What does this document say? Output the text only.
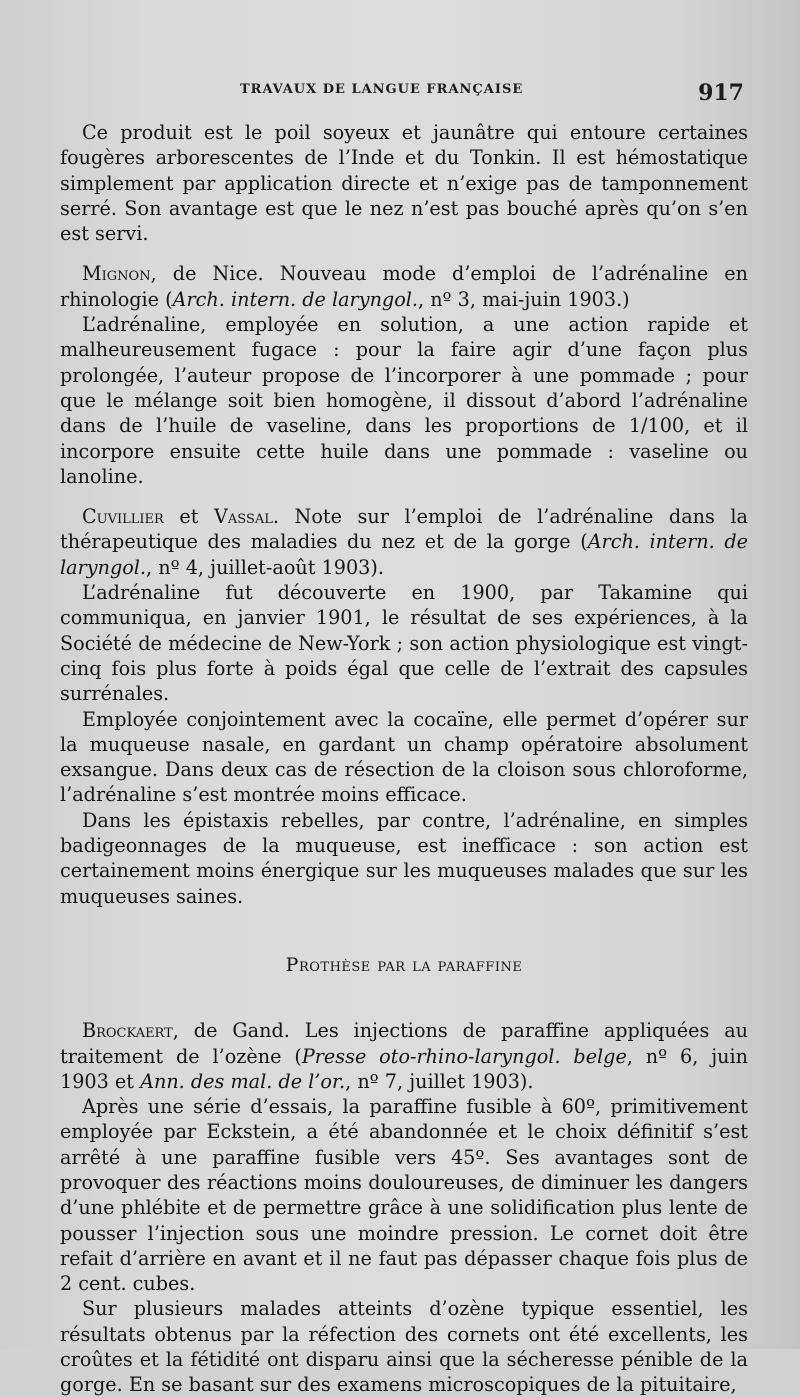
TRAVAUX DE LANGUE FRANÇAISE	917

Ce produit est le poil soyeux et jaunâtre qui entoure certaines fougères arborescentes de l’Inde et du Tonkin. Il est hémostatique simplement par application directe et n’exige pas de tamponnement serré. Son avantage est que le nez n’est pas bouché après qu’on s’en est servi.

Mignon, de Nice. Nouveau mode d’emploi de l’adrénaline en rhinologie (Arch. intern. de laryngol., nº 3, mai-juin 1903.)

L’adrénaline, employée en solution, a une action rapide et malheureusement fugace : pour la faire agir d’une façon plus prolongée, l’auteur propose de l’incorporer à une pommade ; pour que le mélange soit bien homogène, il dissout d’abord l’adrénaline dans de l’huile de vaseline, dans les proportions de 1/100, et il incorpore ensuite cette huile dans une pommade : vaseline ou lanoline.

Cuvillier et Vassal. Note sur l’emploi de l’adrénaline dans la thérapeutique des maladies du nez et de la gorge (Arch. intern. de laryngol., nº 4, juillet-août 1903).

L’adrénaline fut découverte en 1900, par Takamine qui communiqua, en janvier 1901, le résultat de ses expériences, à la Société de médecine de New-York ; son action physiologique est vingt-cinq fois plus forte à poids égal que celle de l’extrait des capsules surrénales.

Employée conjointement avec la cocaïne, elle permet d’opérer sur la muqueuse nasale, en gardant un champ opératoire absolument exsangue. Dans deux cas de résection de la cloison sous chloroforme, l’adrénaline s’est montrée moins efficace.

Dans les épistaxis rebelles, par contre, l’adrénaline, en simples badigeonnages de la muqueuse, est inefficace : son action est certainement moins énergique sur les muqueuses malades que sur les muqueuses saines.

Prothèse par la paraffine

Brockaert, de Gand. Les injections de paraffine appliquées au traitement de l’ozène (Presse oto-rhino-laryngol. belge, nº 6, juin 1903 et Ann. des mal. de l’or., nº 7, juillet 1903).

Après une série d’essais, la paraffine fusible à 60º, primitivement employée par Eckstein, a été abandonnée et le choix définitif s’est arrêté à une paraffine fusible vers 45º. Ses avantages sont de provoquer des réactions moins douloureuses, de diminuer les dangers d’une phlébite et de permettre grâce à une solidification plus lente de pousser l’injection sous une moindre pression. Le cornet doit être refait d’arrière en avant et il ne faut pas dépasser chaque fois plus de 2 cent. cubes.

Sur plusieurs malades atteints d’ozène typique essentiel, les résultats obtenus par la réfection des cornets ont été excellents, les croûtes et la fétidité ont disparu ainsi que la sécheresse pénible de la gorge. En se basant sur des examens microscopiques de la pituitaire,
